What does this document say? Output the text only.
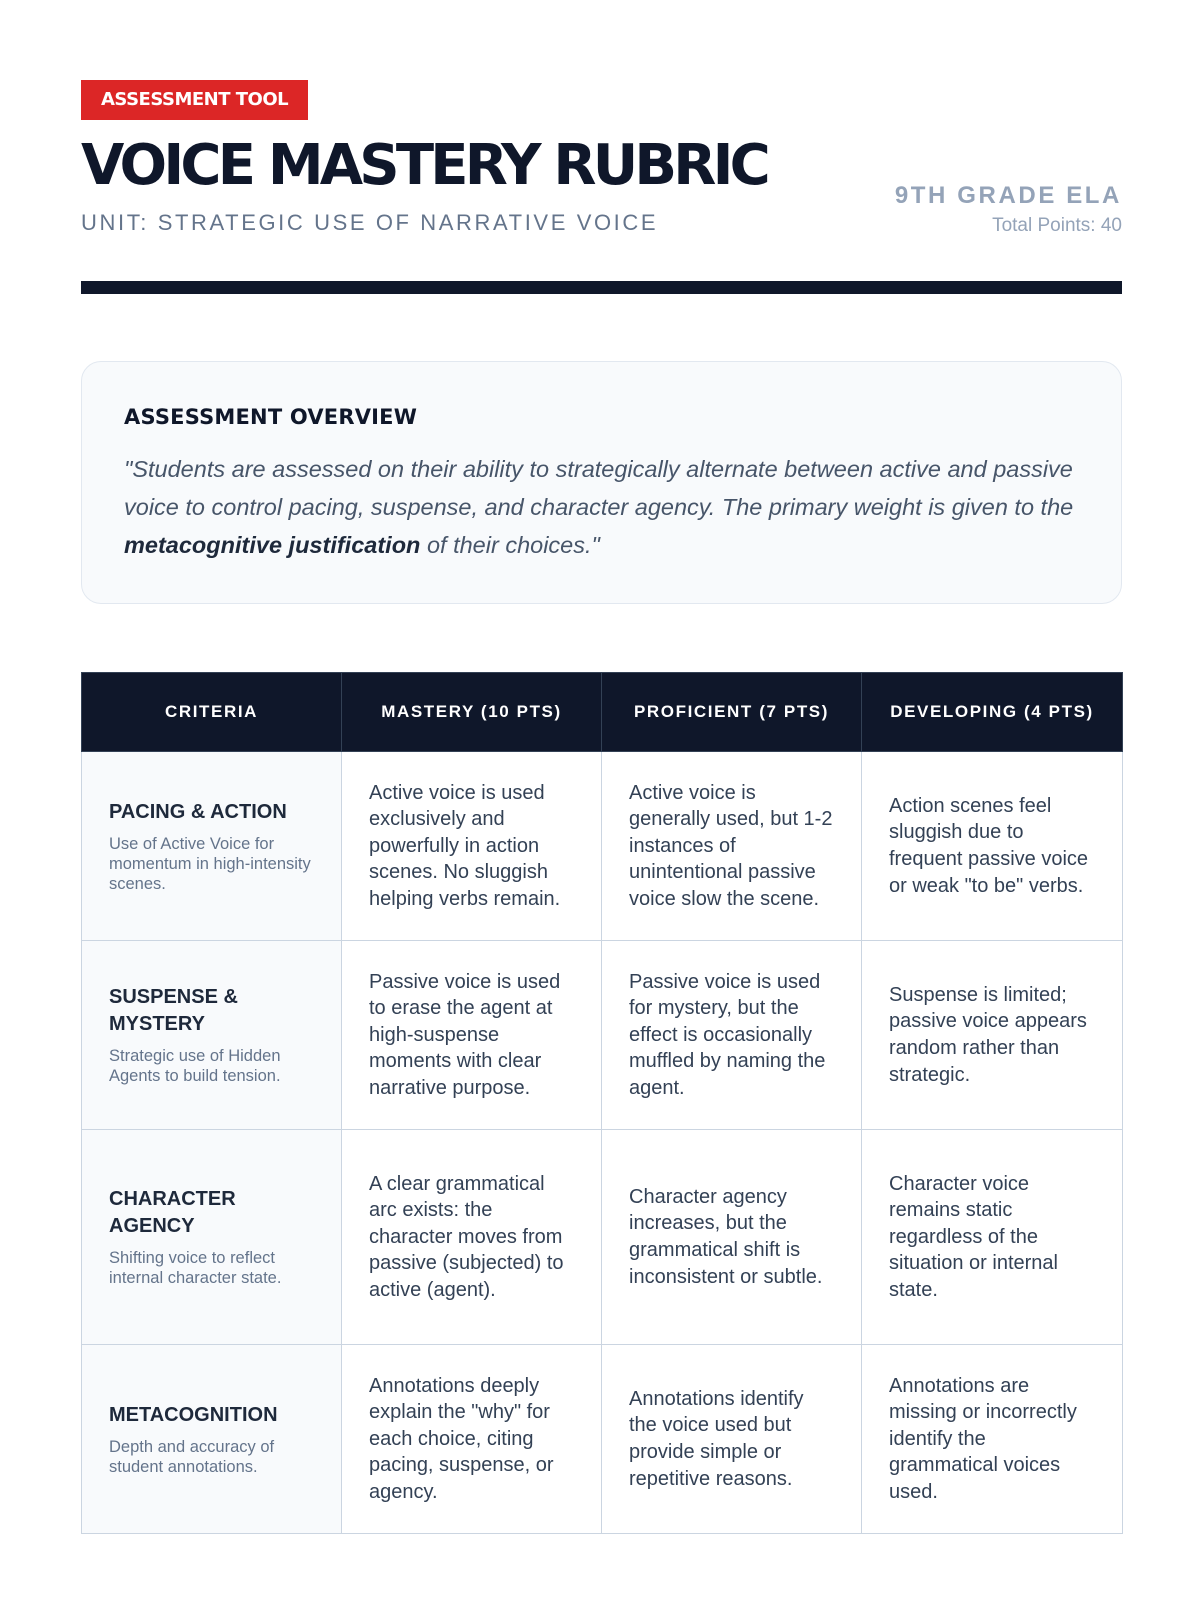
ASSESSMENT TOOL
VOICE MASTERY RUBRIC
UNIT: STRATEGIC USE OF NARRATIVE VOICE
9TH GRADE ELA
Total Points: 40
ASSESSMENT OVERVIEW

"Students are assessed on their ability to strategically alternate between active and passive voice to control pacing, suspense, and character agency. The primary weight is given to the metacognitive justification of their choices."

CRITERIA	MASTERY (10 PTS)	PROFICIENT (7 PTS)	DEVELOPING (4 PTS)

PACING & ACTION
Use of Active Voice for momentum in high-intensity scenes.	Active voice is used exclusively and powerfully in action scenes. No sluggish helping verbs remain.	Active voice is generally used, but 1-2 instances of unintentional passive voice slow the scene.	Action scenes feel sluggish due to frequent passive voice or weak "to be" verbs.

SUSPENSE & MYSTERY
Strategic use of Hidden Agents to build tension.	Passive voice is used to erase the agent at high-suspense moments with clear narrative purpose.	Passive voice is used for mystery, but the effect is occasionally muffled by naming the agent.	Suspense is limited; passive voice appears random rather than strategic.

CHARACTER AGENCY
Shifting voice to reflect internal character state.	A clear grammatical arc exists: the character moves from passive (subjected) to active (agent).	Character agency increases, but the grammatical shift is inconsistent or subtle.	Character voice remains static regardless of the situation or internal state.

METACOGNITION
Depth and accuracy of student annotations.	Annotations deeply explain the "why" for each choice, citing pacing, suspense, or agency.	Annotations identify the voice used but provide simple or repetitive reasons.	Annotations are missing or incorrectly identify the grammatical voices used.
